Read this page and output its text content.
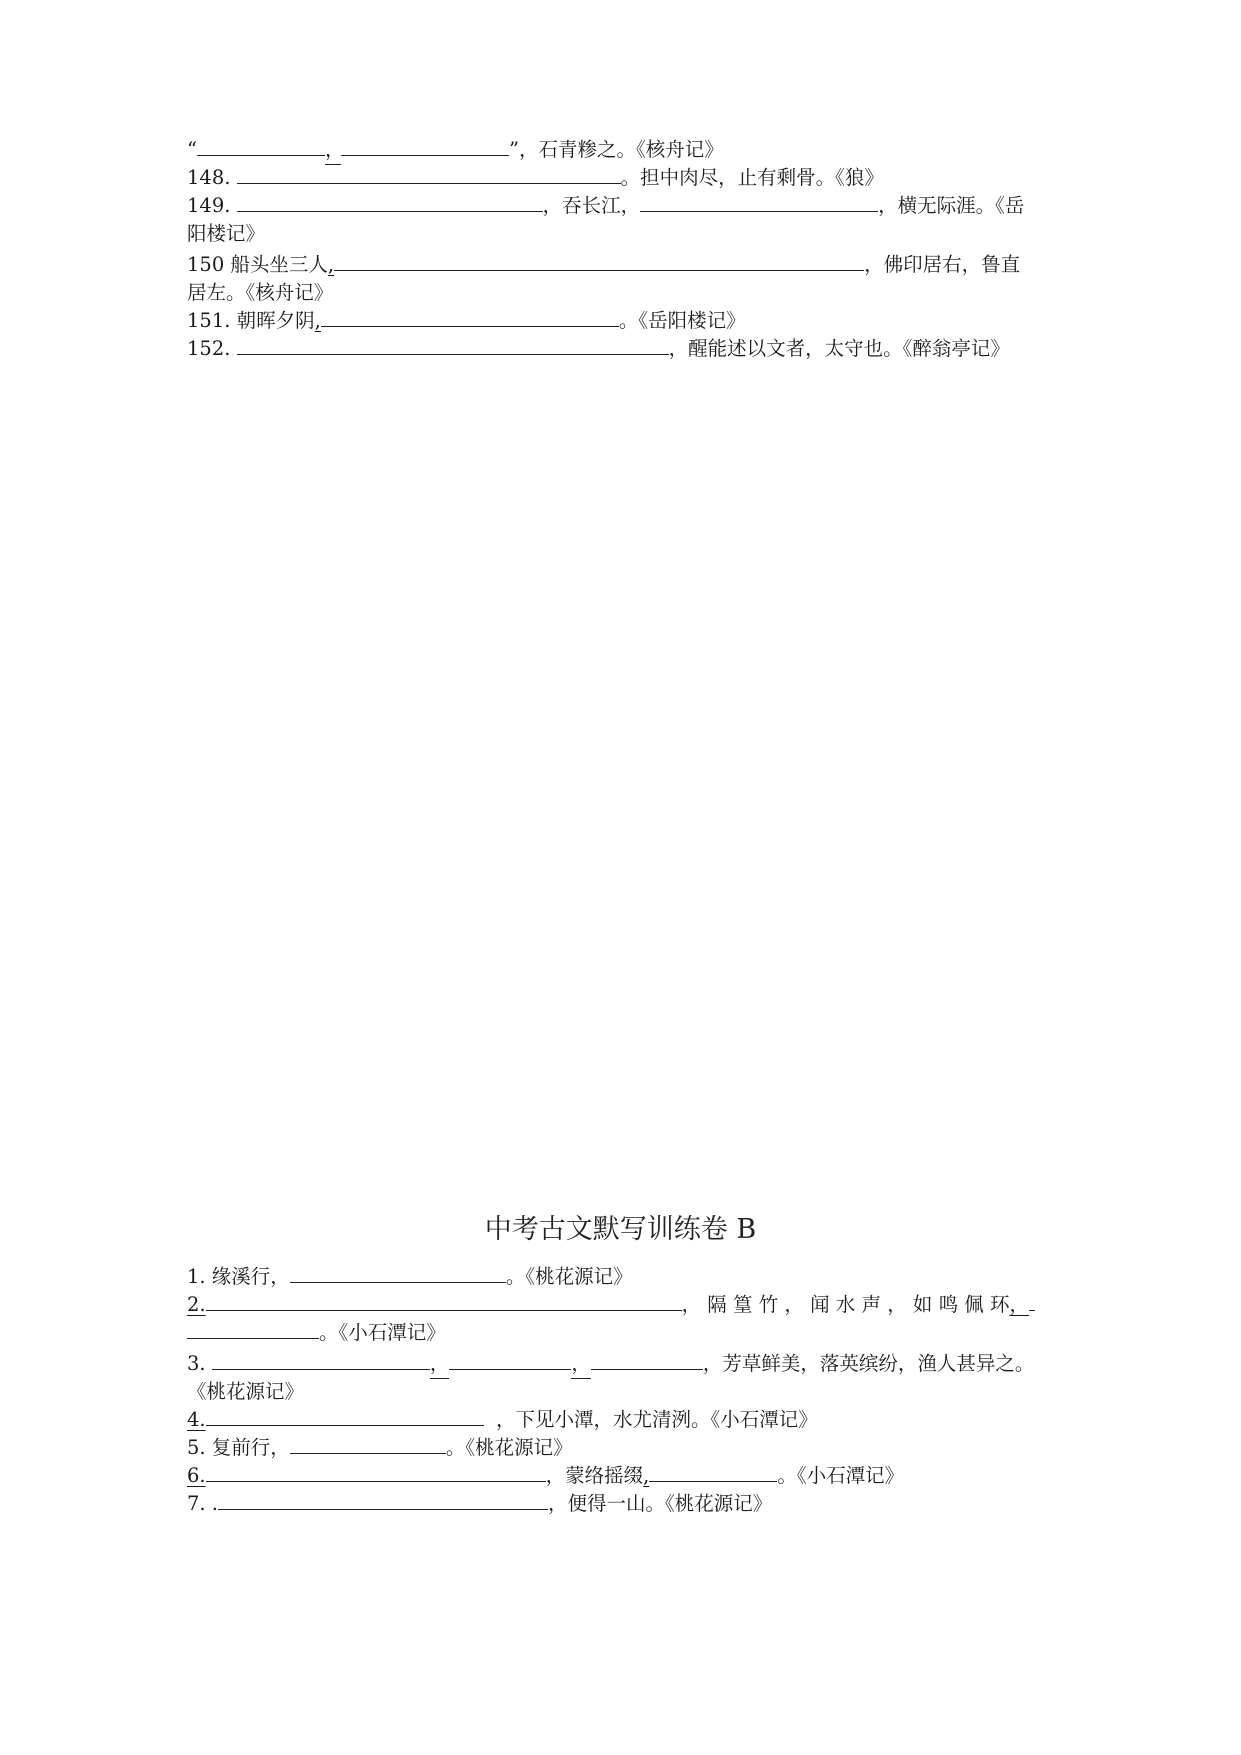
“	，	”，石青糁之。《核舟记》
148.	。担中肉尽，止有剩骨。《狼》
149.	，吞长江，	，横无际涯。《岳
阳楼记》
150 船头坐三人,	，佛印居右，鲁直
居左。《核舟记》
151. 朝晖夕阴,	。《岳阳楼记》
152.	，醒能述以文者，太守也。《醉翁亭记》
中考古文默写训练卷 B
1. 缘溪行，	。《桃花源记》
2.	， 隔 篁 竹 ， 闻 水 声 ， 如 鸣 佩 环，
。《小石潭记》
3.	，	，	，芳草鲜美，落英缤纷，渔人甚异之。
《桃花源记》
4.	，下见小潭，水尤清洌。《小石潭记》
5. 复前行，	。《桃花源记》
6.	，蒙络摇缀,	。《小石潭记》
7. .	，便得一山。《桃花源记》
